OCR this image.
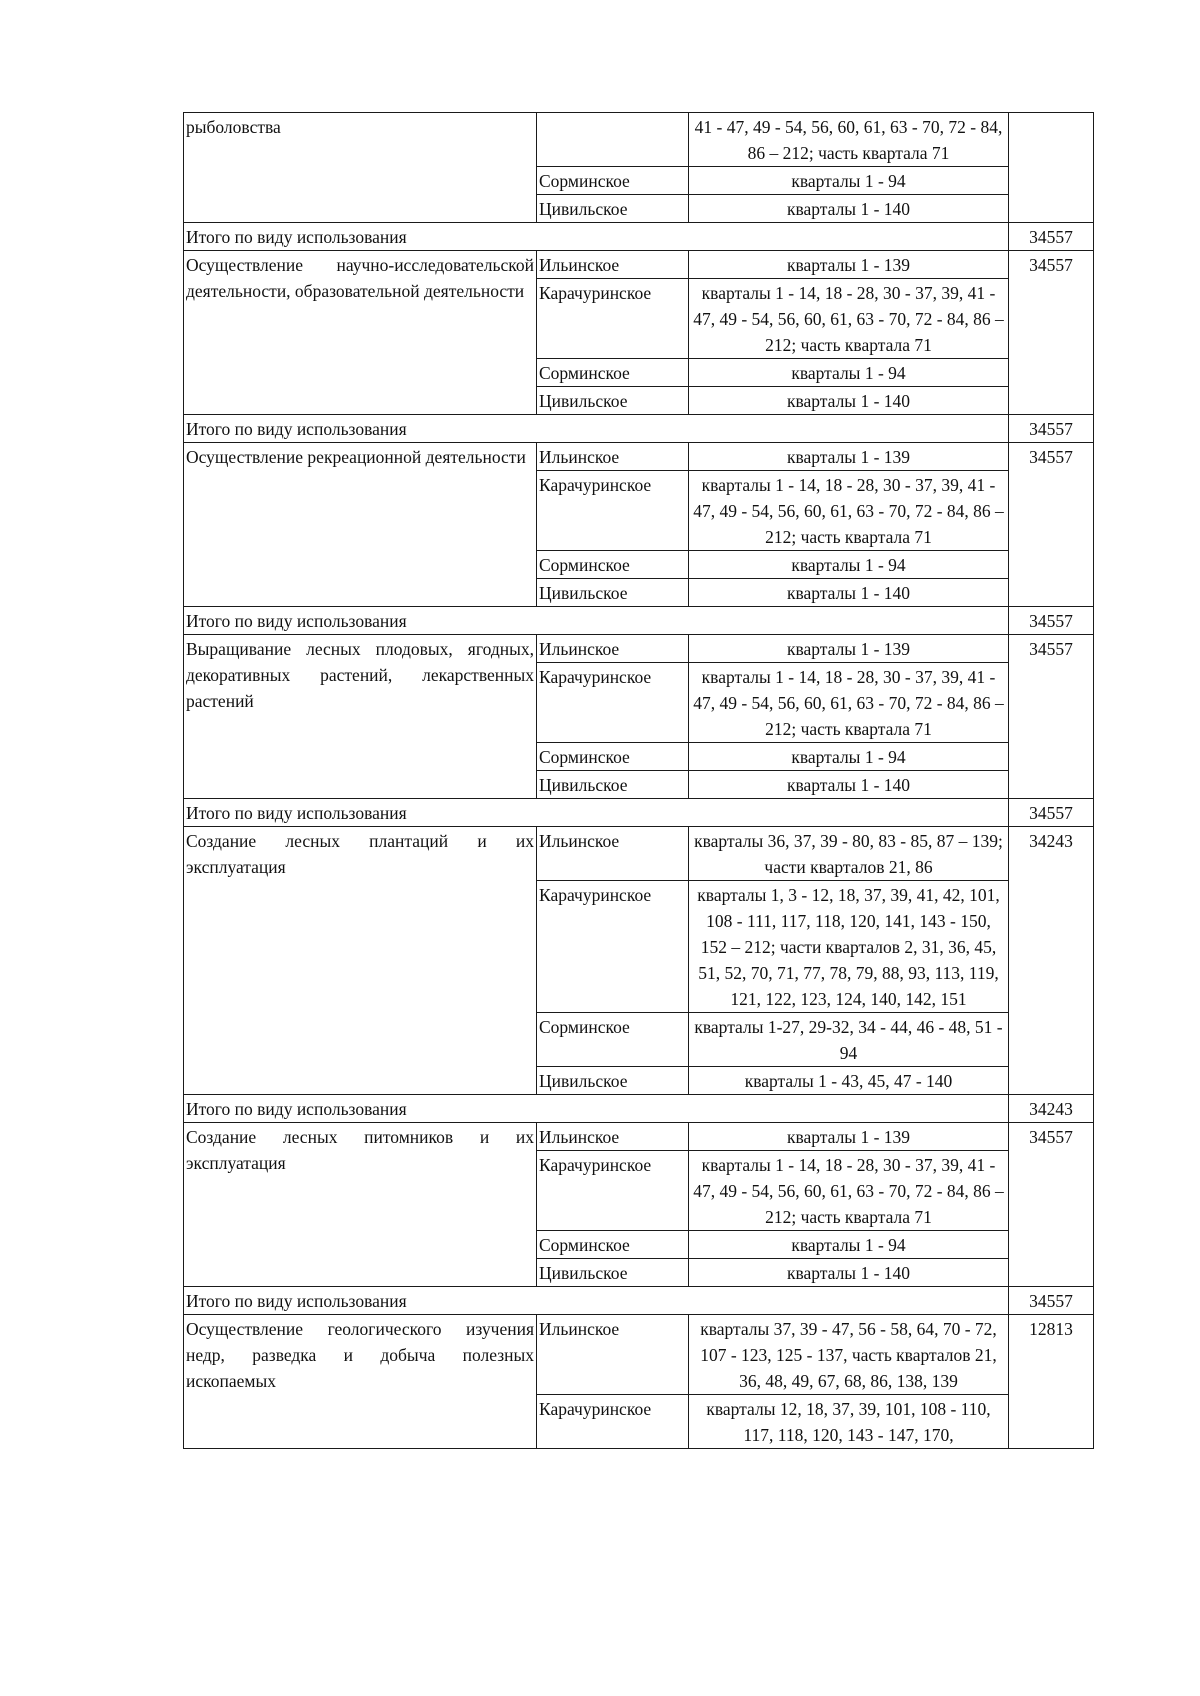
рыболовства		41 - 47, 49 - 54, 56, 60, 61, 63 - 70, 72 - 84, 86 – 212; часть квартала 71	
	Сорминское	кварталы 1 - 94	
	Цивильское	кварталы 1 - 140	
Итого по виду использования			34557
Осуществление научно-исследовательской деятельности, образовательной деятельности	Ильинское	кварталы 1 - 139	34557
	Карачуринское	кварталы 1 - 14, 18 - 28, 30 - 37, 39, 41 - 47, 49 - 54, 56, 60, 61, 63 - 70, 72 - 84, 86 – 212; часть квартала 71	
	Сорминское	кварталы 1 - 94	
	Цивильское	кварталы 1 - 140	
Итого по виду использования			34557
Осуществление рекреационной деятельности	Ильинское	кварталы 1 - 139	34557
	Карачуринское	кварталы 1 - 14, 18 - 28, 30 - 37, 39, 41 - 47, 49 - 54, 56, 60, 61, 63 - 70, 72 - 84, 86 – 212; часть квартала 71	
	Сорминское	кварталы 1 - 94	
	Цивильское	кварталы 1 - 140	
Итого по виду использования			34557
Выращивание лесных плодовых, ягодных, декоративных растений, лекарственных растений	Ильинское	кварталы 1 - 139	34557
	Карачуринское	кварталы 1 - 14, 18 - 28, 30 - 37, 39, 41 - 47, 49 - 54, 56, 60, 61, 63 - 70, 72 - 84, 86 – 212; часть квартала 71	
	Сорминское	кварталы 1 - 94	
	Цивильское	кварталы 1 - 140	
Итого по виду использования			34557
Создание лесных плантаций и их эксплуатация	Ильинское	кварталы 36, 37, 39 - 80, 83 - 85, 87 – 139; части кварталов 21, 86	34243
	Карачуринское	кварталы 1, 3 - 12, 18, 37, 39, 41, 42, 101, 108 - 111, 117, 118, 120, 141, 143 - 150, 152 – 212; части кварталов 2, 31, 36, 45, 51, 52, 70, 71, 77, 78, 79, 88, 93, 113, 119, 121, 122, 123, 124, 140, 142, 151	
	Сорминское	кварталы 1-27, 29-32, 34 - 44, 46 - 48, 51 - 94	
	Цивильское	кварталы 1 - 43, 45, 47 - 140	
Итого по виду использования			34243
Создание лесных питомников и их эксплуатация	Ильинское	кварталы 1 - 139	34557
	Карачуринское	кварталы 1 - 14, 18 - 28, 30 - 37, 39, 41 - 47, 49 - 54, 56, 60, 61, 63 - 70, 72 - 84, 86 – 212; часть квартала 71	
	Сорминское	кварталы 1 - 94	
	Цивильское	кварталы 1 - 140	
Итого по виду использования			34557
Осуществление геологического изучения недр, разведка и добыча полезных ископаемых	Ильинское	кварталы 37, 39 - 47, 56 - 58, 64, 70 - 72, 107 - 123, 125 - 137, часть кварталов 21, 36, 48, 49, 67, 68, 86, 138, 139	12813
	Карачуринское	кварталы 12, 18, 37, 39, 101, 108 - 110, 117, 118, 120, 143 - 147, 170,	
